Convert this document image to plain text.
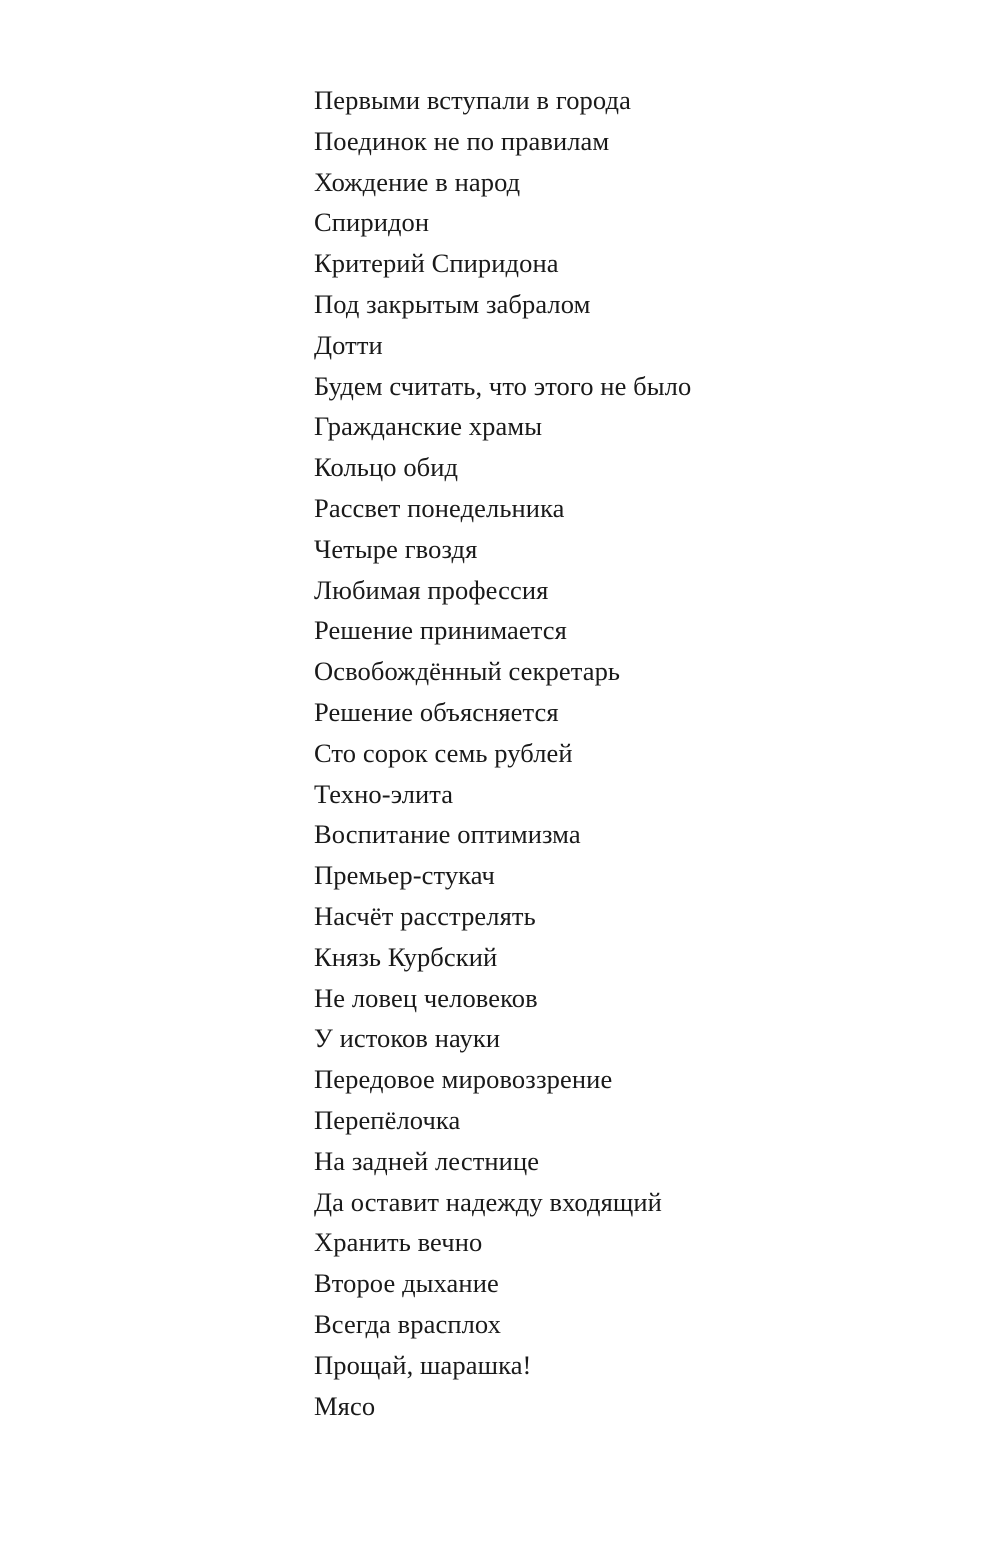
Первыми вступали в города
Поединок не по правилам
Хождение в народ
Спиридон
Критерий Спиридона
Под закрытым забралом
Дотти
Будем считать, что этого не было
Гражданские храмы
Кольцо обид
Рассвет понедельника
Четыре гвоздя
Любимая профессия
Решение принимается
Освобождённый секретарь
Решение объясняется
Сто сорок семь рублей
Техно-элита
Воспитание оптимизма
Премьер-стукач
Насчёт расстрелять
Князь Курбский
Не ловец человеков
У истоков науки
Передовое мировоззрение
Перепёлочка
На задней лестнице
Да оставит надежду входящий
Хранить вечно
Второе дыхание
Всегда врасплох
Прощай, шарашка!
Мясо
